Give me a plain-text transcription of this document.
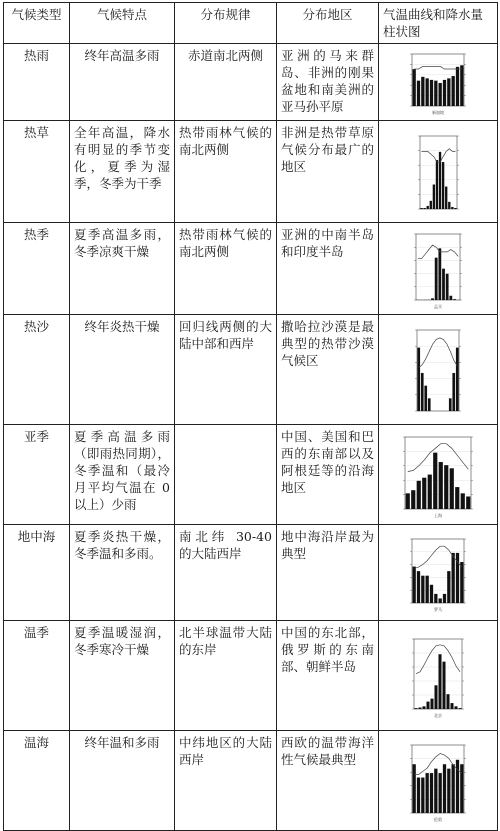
气候类型	气候特点	分布规律	分布地区	气温曲线和降水量柱状图
热雨	终年高温多雨	赤道南北两侧	亚洲的马来群岛、非洲的刚果盆地和南美洲的亚马孙平原	新加坡

热草	全年高温，降水有明显的季节变化，夏季为湿季，冬季为干季	热带雨林气候的南北两侧	非洲是热带草原气候分布最广的地区	

热季	夏季高温多雨，冬季凉爽干燥	热带雨林气候的南北两侧	亚洲的中南半岛和印度半岛	孟买

热沙	终年炎热干燥	回归线两侧的大陆中部和西岸	撒哈拉沙漠是最典型的热带沙漠气候区	

亚季	夏季高温多雨（即雨热同期），冬季温和（最冷月平均气温在 0 以上）少雨		中国、美国和巴西的东南部以及阿根廷等的沿海地区	上海

地中海	夏季炎热干燥，冬季温和多雨。	南北纬 30-40 的大陆西岸	地中海沿岸最为典型	罗马

温季	夏季温暖湿润，冬季寒冷干燥	北半球温带大陆的东岸	中国的东北部，俄罗斯的东南部、朝鲜半岛	北京

温海	终年温和多雨	中纬地区的大陆西岸	西欧的温带海洋性气候最典型	伦敦
